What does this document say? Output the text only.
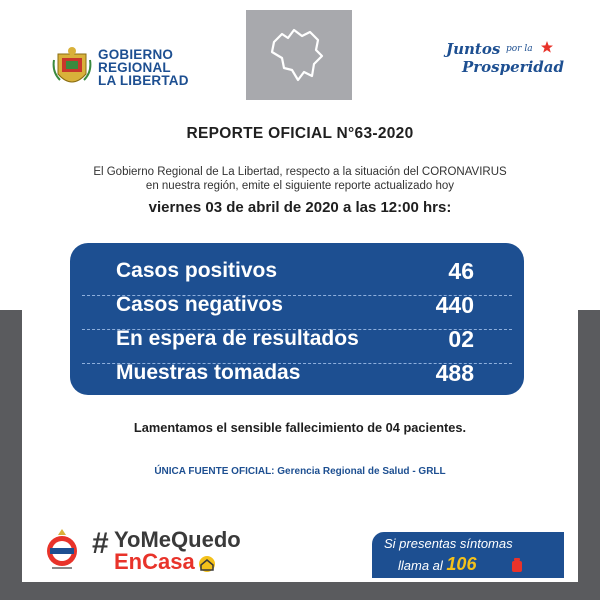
GOBIERNO
REGIONAL
LA LIBERTAD
Juntos por la
Prosperidad
REPORTE OFICIAL N°63-2020
El Gobierno Regional de La Libertad, respecto a la situación del CORONAVIRUS
en nuestra región, emite el siguiente reporte actualizado hoy
viernes 03 de abril de 2020 a las 12:00 hrs:
Casos positivos	46
Casos negativos	440
En espera de resultados	02
Muestras tomadas	488
Lamentamos el sensible fallecimiento de 04 pacientes.
ÚNICA FUENTE OFICIAL: Gerencia Regional de Salud - GRLL
# YoMeQuedo
EnCasa
Si presentas síntomas
llama al 106
